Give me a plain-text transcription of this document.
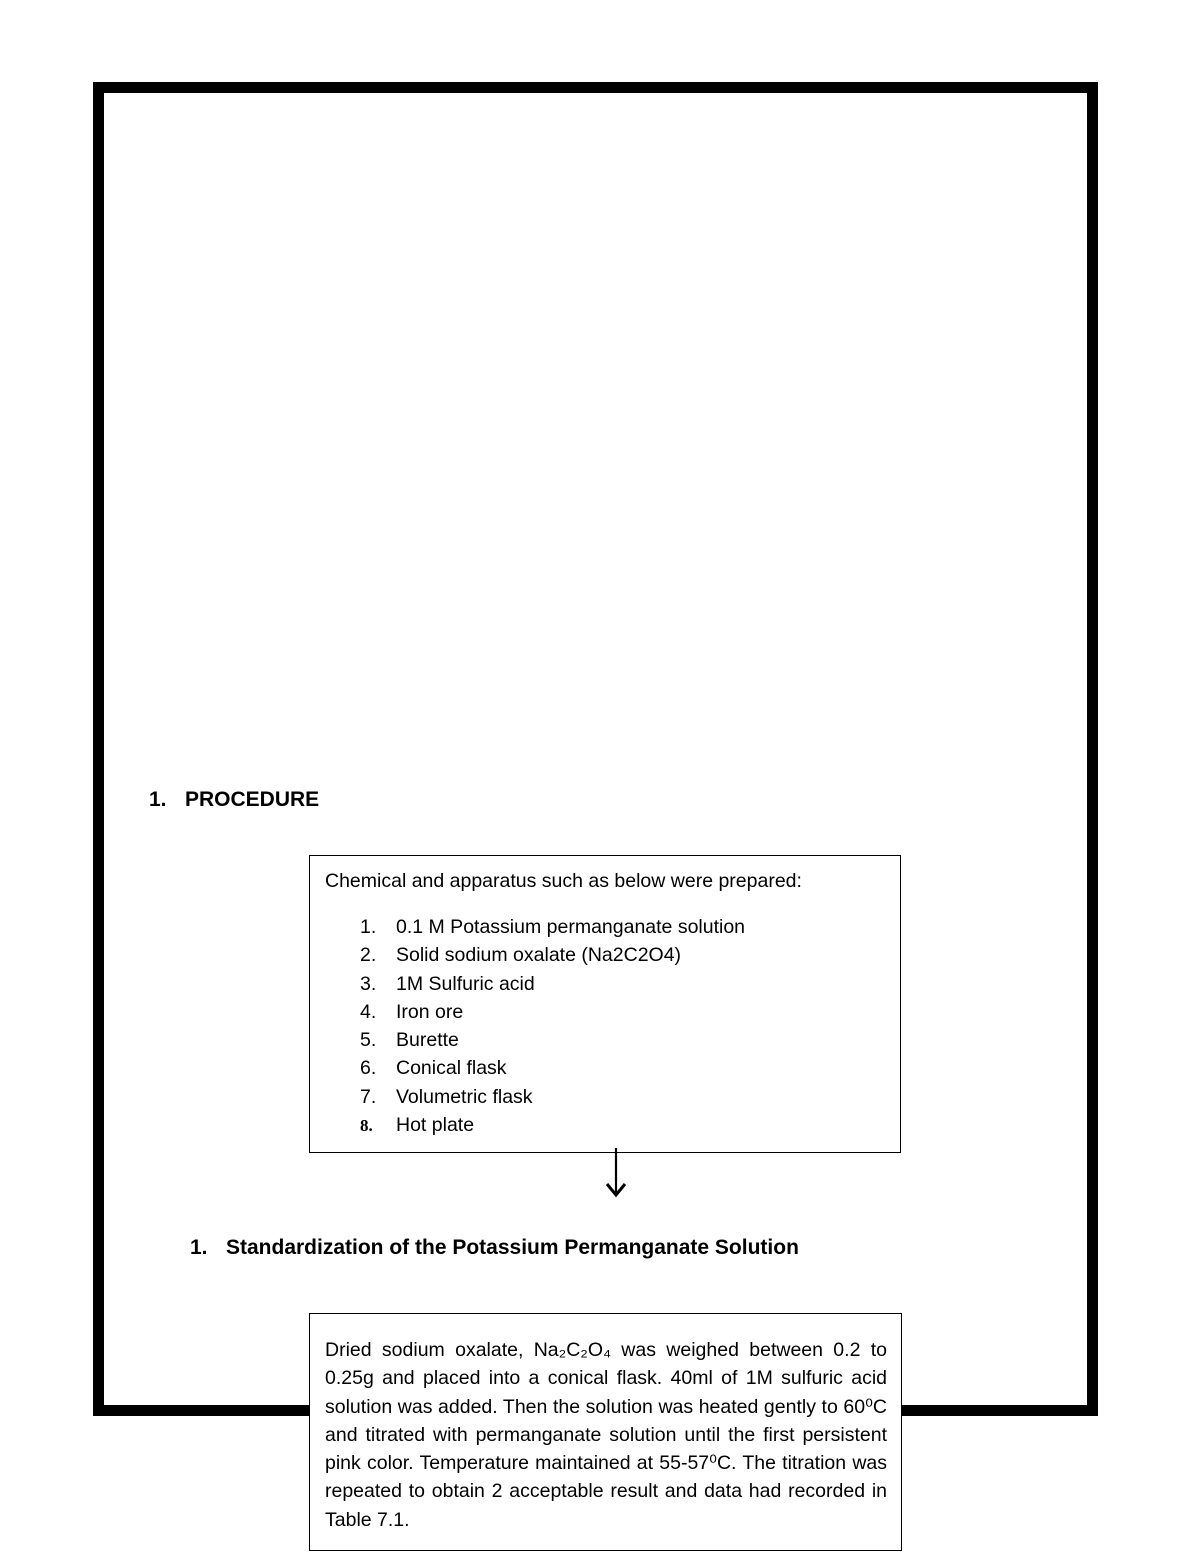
1. PROCEDURE

Chemical and apparatus such as below were prepared:

1. 0.1 M Potassium permanganate solution
2. Solid sodium oxalate (Na2C2O4)
3. 1M Sulfuric acid
4. Iron ore
5. Burette
6. Conical flask
7. Volumetric flask
8. Hot plate
1. Standardization of the Potassium Permanganate Solution

Dried sodium oxalate, Na₂C₂O₄ was weighed between 0.2 to 0.25g and placed into a conical flask. 40ml of 1M sulfuric acid solution was added. Then the solution was heated gently to 60⁰C and titrated with permanganate solution until the first persistent pink color. Temperature maintained at 55-57⁰C. The titration was repeated to obtain 2 acceptable result and data had recorded in Table 7.1.
